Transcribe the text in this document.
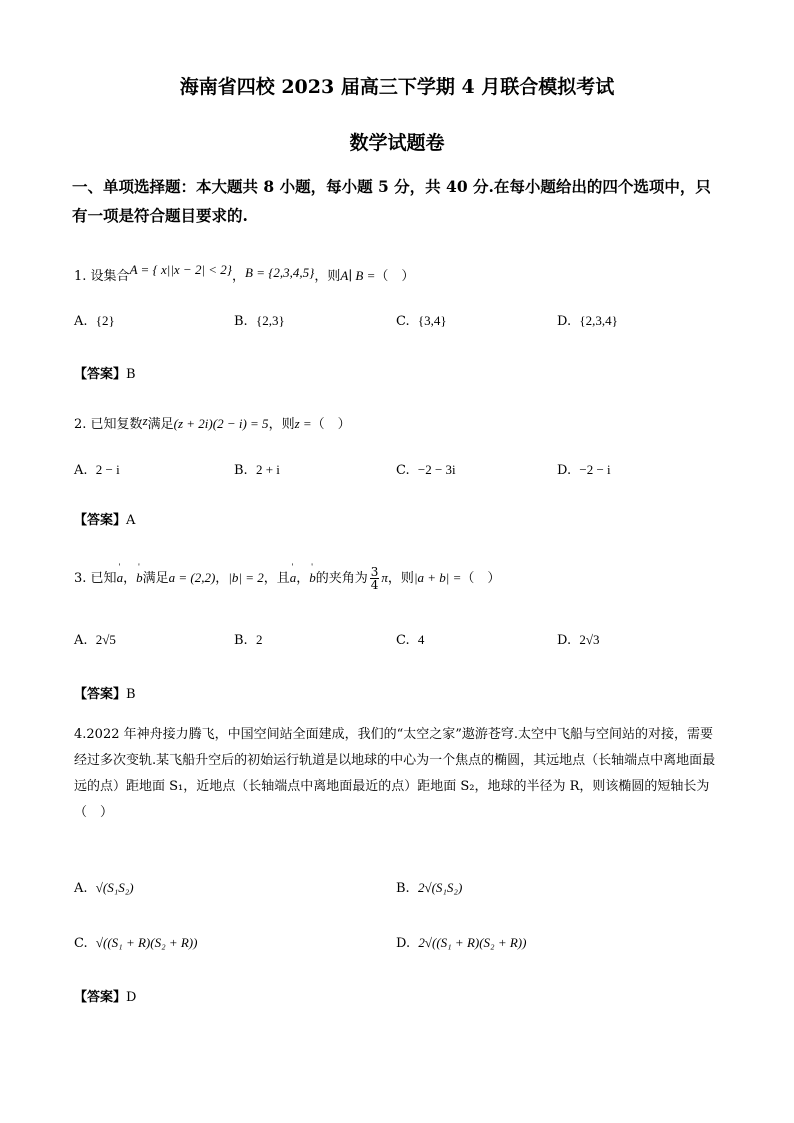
海南省四校 2023 届高三下学期 4 月联合模拟考试
数学试题卷
一、单项选择题：本大题共 8 小题，每小题 5 分，共 40 分.在每小题给出的四个选项中，只有一项是符合题目要求的.
1. 设集合A = { x||x − 2| < 2}，B = {2,3,4,5}，则A∣ B =（　）
A. {2}	B. {2,3}	C. {3,4}	D. {2,3,4}
【答案】B
2. 已知复数z满足(z + 2i)(2 − i) = 5，则z =（　）
A. 2 − i	B. 2 + i	C. −2 − 3i	D. −2 − i
【答案】A
3. 已知' a，' b满足a = (2,2)，|b| = 2，且' a，' b的夹角为 $\frac{3}{4}$ π，则|a + b| =（　）
A. 2√5	B. 2	C. 4	D. 2√3
【答案】B
4.2022 年神舟接力腾飞，中国空间站全面建成，我们的“太空之家”遨游苍穹.太空中飞船与空间站的对接，需要经过多次变轨.某飞船升空后的初始运行轨道是以地球的中心为一个焦点的椭圆，其远地点（长轴端点中离地面最远的点）距地面 S₁，近地点（长轴端点中离地面最近的点）距地面 S₂，地球的半径为 R，则该椭圆的短轴长为（　）
A. √(S₁S₂)	B. 2√(S₁S₂)
C. √((S₁ + R)(S₂ + R))	D. 2√((S₁ + R)(S₂ + R))
【答案】D
